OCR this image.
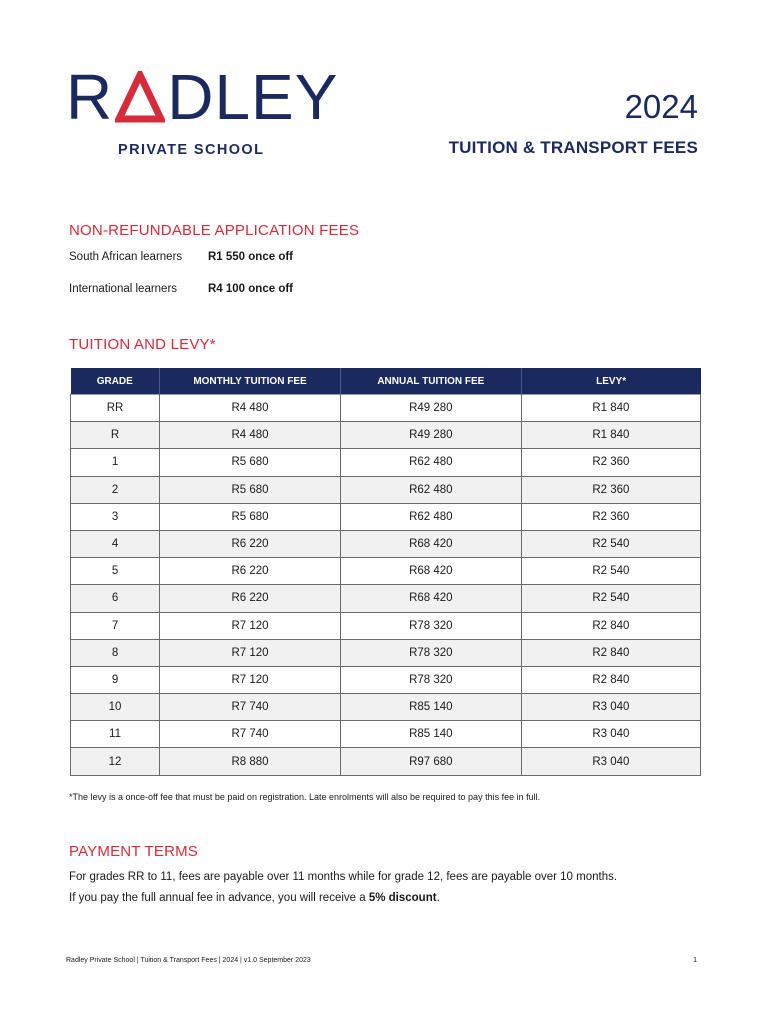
R DLEY
PRIVATE SCHOOL
2024
TUITION & TRANSPORT FEES
NON-REFUNDABLE APPLICATION FEES
South African learners R1 550 once off
International learners	R4 100 once off
TUITION AND LEVY*
GRADE	MONTHLY TUITION FEE	ANNUAL TUITION FEE	LEVY*
RR	R4 480	R49 280	R1 840
R	R4 480	R49 280	R1 840
1	R5 680	R62 480	R2 360
2	R5 680	R62 480	R2 360
3	R5 680	R62 480	R2 360
4	R6 220	R68 420	R2 540
5	R6 220	R68 420	R2 540
6	R6 220	R68 420	R2 540
7	R7 120	R78 320	R2 840
8	R7 120	R78 320	R2 840
9	R7 120	R78 320	R2 840
10	R7 740	R85 140	R3 040
11	R7 740	R85 140	R3 040
12	R8 880	R97 680	R3 040
*The levy is a once-off fee that must be paid on registration. Late enrolments will also be required to pay this fee in full.
PAYMENT TERMS
For grades RR to 11, fees are payable over 11 months while for grade 12, fees are payable over 10 months.
If you pay the full annual fee in advance, you will receive a 5% discount.
Radley Private School | Tuition & Transport Fees | 2024 | v1.0 September 2023	1
